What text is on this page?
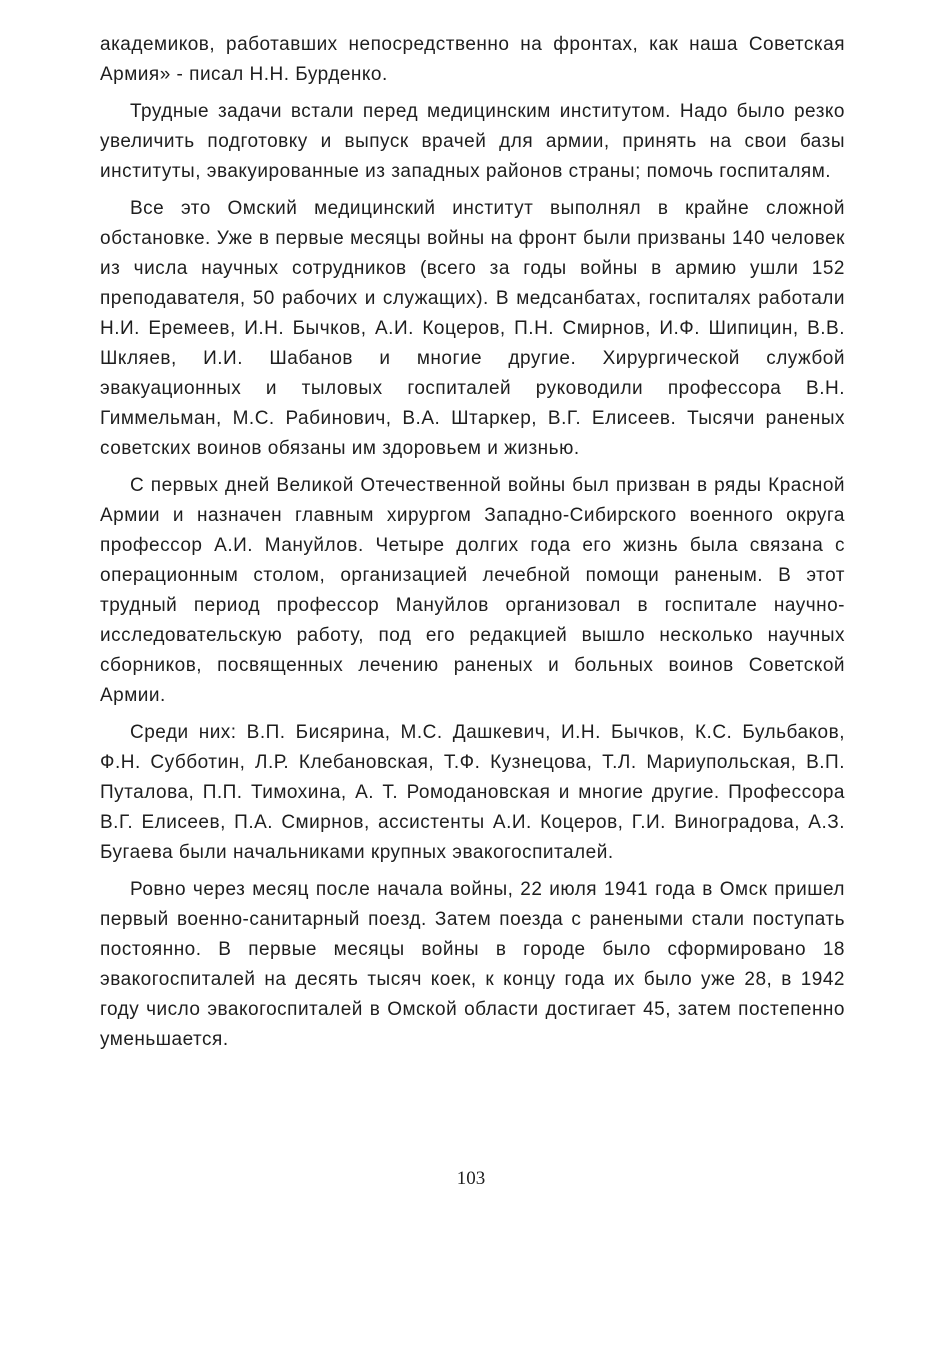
академиков, работавших непосредственно на фронтах, как наша Советская Армия» - писал Н.Н. Бурденко.

Трудные задачи встали перед медицинским институтом. Надо было резко увеличить подготовку и выпуск врачей для армии, принять на свои базы институты, эвакуированные из западных районов страны; помочь госпиталям.

Все это Омский медицинский институт выполнял в крайне сложной обстановке. Уже в первые месяцы войны на фронт были призваны 140 человек из числа научных сотрудников (всего за годы войны в армию ушли 152 преподавателя, 50 рабочих и служащих). В медсанбатах, госпиталях работали Н.И. Еремеев, И.Н. Бычков, А.И. Коцеров, П.Н. Смирнов, И.Ф. Шипицин, В.В. Шкляев, И.И. Шабанов и многие другие. Хирургической службой эвакуационных и тыловых госпиталей руководили профессора В.Н. Гиммельман, М.С. Рабинович, В.А. Штаркер, В.Г. Елисеев. Тысячи раненых советских воинов обязаны им здоровьем и жизнью.

С первых дней Великой Отечественной войны был призван в ряды Красной Армии и назначен главным хирургом Западно-Сибирского военного округа профессор А.И. Мануйлов. Четыре долгих года его жизнь была связана с операционным столом, организацией лечебной помощи раненым. В этот трудный период профессор Мануйлов организовал в госпитале научно-исследовательскую работу, под его редакцией вышло несколько научных сборников, посвященных лечению раненых и больных воинов Советской Армии.

Среди них: В.П. Бисярина, М.С. Дашкевич, И.Н. Бычков, К.С. Бульбаков, Ф.Н. Субботин, Л.Р. Клебановская, Т.Ф. Кузнецова, Т.Л. Мариупольская, В.П. Путалова, П.П. Тимохина, А. Т. Ромодановская и многие другие. Профессора В.Г. Елисеев, П.А. Смирнов, ассистенты А.И. Коцеров, Г.И. Виноградова, А.З. Бугаева были начальниками крупных эвакогоспиталей.

Ровно через месяц после начала войны, 22 июля 1941 года в Омск пришел первый военно-санитарный поезд. Затем поезда с ранеными стали поступать постоянно. В первые месяцы войны в городе было сформировано 18 эвакогоспиталей на десять тысяч коек, к концу года их было уже 28, в 1942 году число эвакогоспиталей в Омской области достигает 45, затем постепенно уменьшается.

103
